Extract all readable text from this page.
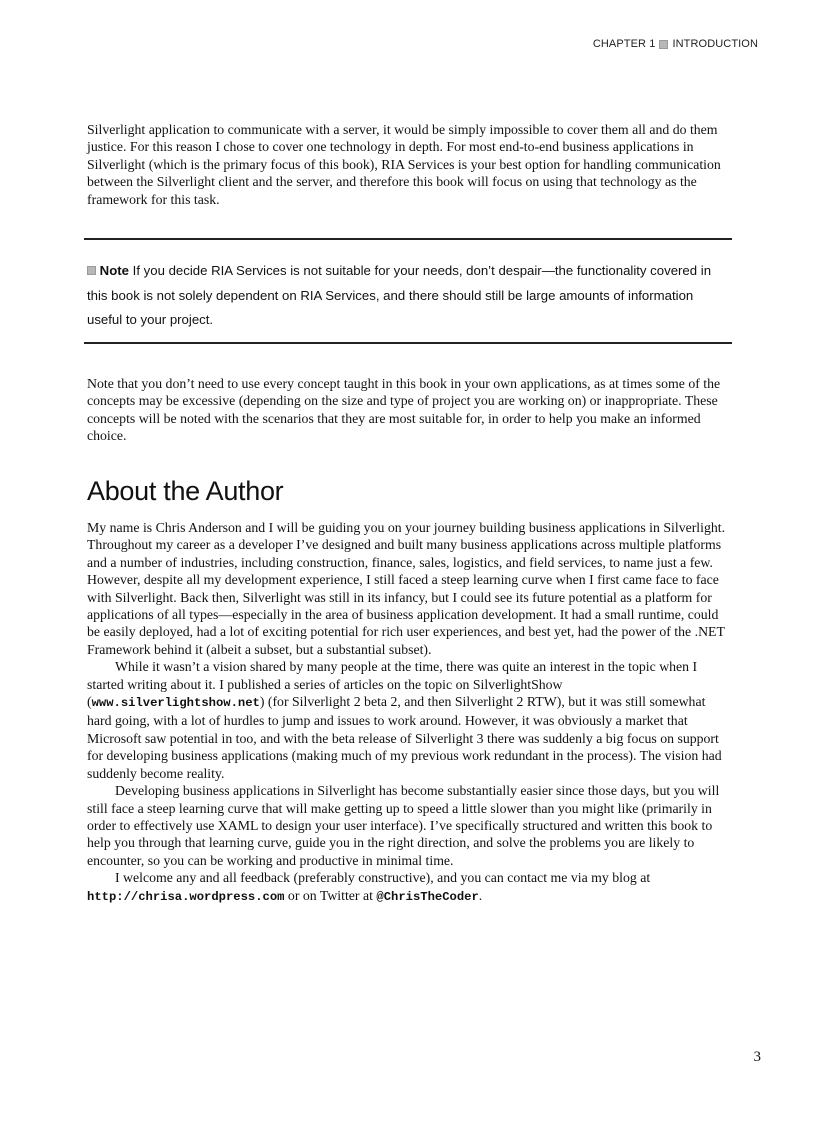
CHAPTER 1 INTRODUCTION

Silverlight application to communicate with a server, it would be simply impossible to cover them all and do them justice. For this reason I chose to cover one technology in depth. For most end-to-end business applications in Silverlight (which is the primary focus of this book), RIA Services is your best option for handling communication between the Silverlight client and the server, and therefore this book will focus on using that technology as the framework for this task.

Note If you decide RIA Services is not suitable for your needs, don’t despair—the functionality covered in this book is not solely dependent on RIA Services, and there should still be large amounts of information useful to your project.

Note that you don’t need to use every concept taught in this book in your own applications, as at times some of the concepts may be excessive (depending on the size and type of project you are working on) or inappropriate. These concepts will be noted with the scenarios that they are most suitable for, in order to help you make an informed choice.

About the Author

My name is Chris Anderson and I will be guiding you on your journey building business applications in Silverlight. Throughout my career as a developer I’ve designed and built many business applications across multiple platforms and a number of industries, including construction, finance, sales, logistics, and field services, to name just a few. However, despite all my development experience, I still faced a steep learning curve when I first came face to face with Silverlight. Back then, Silverlight was still in its infancy, but I could see its future potential as a platform for applications of all types—especially in the area of business application development. It had a small runtime, could be easily deployed, had a lot of exciting potential for rich user experiences, and best yet, had the power of the .NET Framework behind it (albeit a subset, but a substantial subset).

While it wasn’t a vision shared by many people at the time, there was quite an interest in the topic when I started writing about it. I published a series of articles on the topic on SilverlightShow (www.silverlightshow.net) (for Silverlight 2 beta 2, and then Silverlight 2 RTW), but it was still somewhat hard going, with a lot of hurdles to jump and issues to work around. However, it was obviously a market that Microsoft saw potential in too, and with the beta release of Silverlight 3 there was suddenly a big focus on support for developing business applications (making much of my previous work redundant in the process). The vision had suddenly become reality.

Developing business applications in Silverlight has become substantially easier since those days, but you will still face a steep learning curve that will make getting up to speed a little slower than you might like (primarily in order to effectively use XAML to design your user interface). I’ve specifically structured and written this book to help you through that learning curve, guide you in the right direction, and solve the problems you are likely to encounter, so you can be working and productive in minimal time.

I welcome any and all feedback (preferably constructive), and you can contact me via my blog at http://chrisa.wordpress.com or on Twitter at @ChrisTheCoder.

3
